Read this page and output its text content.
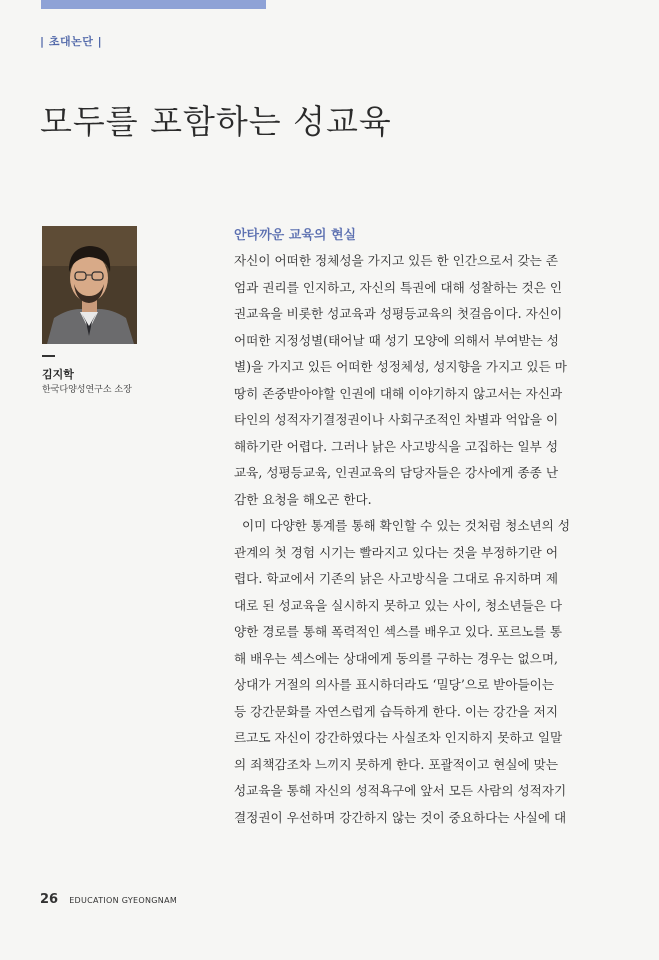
| 초대논단 |
모두를 포함하는 성교육
김지학
한국다양성연구소 소장
안타까운 교육의 현실
자신이 어떠한 정체성을 가지고 있든 한 인간으로서 갖는 존
엄과 권리를 인지하고, 자신의 특권에 대해 성찰하는 것은 인
권교육을 비롯한 성교육과 성평등교육의 첫걸음이다. 자신이
어떠한 지정성별(태어날 때 성기 모양에 의해서 부여받는 성
별)을 가지고 있든 어떠한 성정체성, 성지향을 가지고 있든 마
땅히 존중받아야할 인권에 대해 이야기하지 않고서는 자신과
타인의 성적자기결정권이나 사회구조적인 차별과 억압을 이
해하기란 어렵다. 그러나 낡은 사고방식을 고집하는 일부 성
교육, 성평등교육, 인권교육의 담당자들은 강사에게 종종 난
감한 요청을 해오곤 한다.
이미 다양한 통계를 통해 확인할 수 있는 것처럼 청소년의 성
관계의 첫 경험 시기는 빨라지고 있다는 것을 부정하기란 어
렵다. 학교에서 기존의 낡은 사고방식을 그대로 유지하며 제
대로 된 성교육을 실시하지 못하고 있는 사이, 청소년들은 다
양한 경로를 통해 폭력적인 섹스를 배우고 있다. 포르노를 통
해 배우는 섹스에는 상대에게 동의를 구하는 경우는 없으며,
상대가 거절의 의사를 표시하더라도 ‘밀당’으로 받아들이는
등 강간문화를 자연스럽게 습득하게 한다. 이는 강간을 저지
르고도 자신이 강간하였다는 사실조차 인지하지 못하고 일말
의 죄책감조차 느끼지 못하게 한다. 포괄적이고 현실에 맞는
성교육을 통해 자신의 성적욕구에 앞서 모든 사람의 성적자기
결정권이 우선하며 강간하지 않는 것이 중요하다는 사실에 대
26 EDUCATION GYEONGNAM
